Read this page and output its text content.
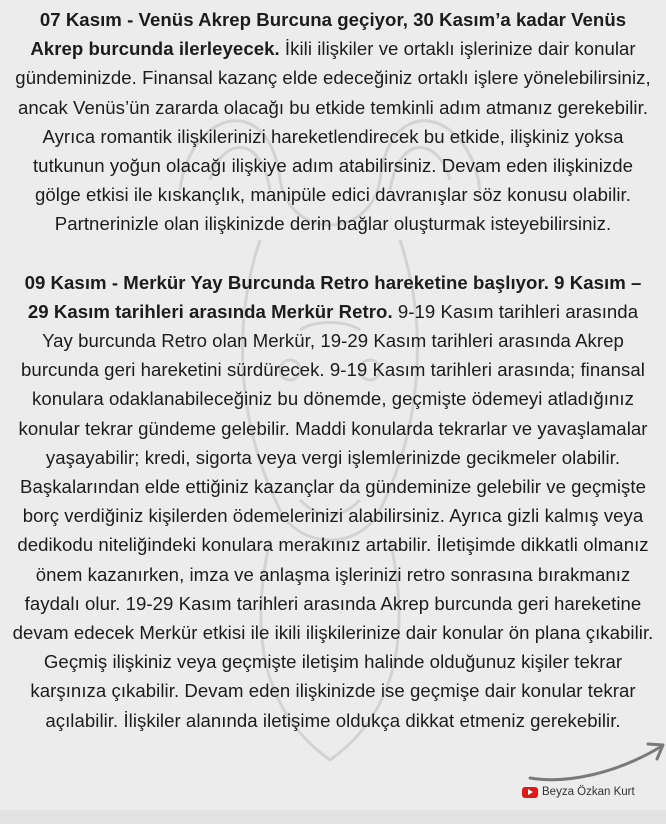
07 Kasım - Venüs Akrep Burcuna geçiyor, 30 Kasım’a kadar Venüs Akrep burcunda ilerleyecek. İkili ilişkiler ve ortaklı işlerinize dair konular gündeminizde. Finansal kazanç elde edeceğiniz ortaklı işlere yönelebilirsiniz, ancak Venüs’ün zararda olacağı bu etkide temkinli adım atmanız gerekebilir. Ayrıca romantik ilişkilerinizi hareketlendirecek bu etkide, ilişkiniz yoksa tutkunun yoğun olacağı ilişkiye adım atabilirsiniz. Devam eden ilişkinizde gölge etkisi ile kıskançlık, manipüle edici davranışlar söz konusu olabilir. Partnerinizle olan ilişkinizde derin bağlar oluşturmak isteyebilirsiniz.

09 Kasım - Merkür Yay Burcunda Retro hareketine başlıyor. 9 Kasım – 29 Kasım tarihleri arasında Merkür Retro. 9-19 Kasım tarihleri arasında Yay burcunda Retro olan Merkür, 19-29 Kasım tarihleri arasında Akrep burcunda geri hareketini sürdürecek. 9-19 Kasım tarihleri arasında; finansal konulara odaklanabileceğiniz bu dönemde, geçmişte ödemeyi atladığınız konular tekrar gündeme gelebilir. Maddi konularda tekrarlar ve yavaşlamalar yaşayabilir; kredi, sigorta veya vergi işlemlerinizde gecikmeler olabilir. Başkalarından elde ettiğiniz kazançlar da gündeminize gelebilir ve geçmişte borç verdiğiniz kişilerden ödemelerinizi alabilirsiniz. Ayrıca gizli kalmış veya dedikodu niteliğindeki konulara merakınız artabilir. İletişimde dikkatli olmanız önem kazanırken, imza ve anlaşma işlerinizi retro sonrasına bırakmanız faydalı olur. 19-29 Kasım tarihleri arasında Akrep burcunda geri hareketine devam edecek Merkür etkisi ile ikili ilişkilerinize dair konular ön plana çıkabilir. Geçmiş ilişkiniz veya geçmişte iletişim halinde olduğunuz kişiler tekrar karşınıza çıkabilir. Devam eden ilişkinizde ise geçmişe dair konular tekrar açılabilir. İlişkiler alanında iletişime oldukça dikkat etmeniz gerekebilir.

Beyza Özkan Kurt
